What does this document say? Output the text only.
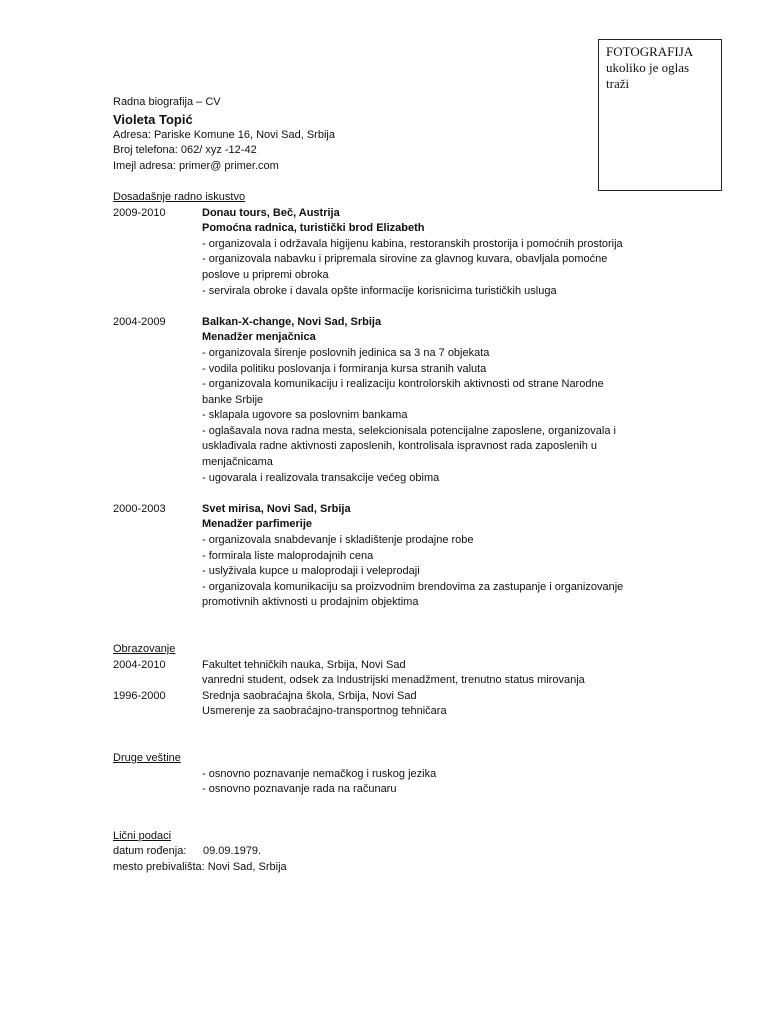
FOTOGRAFIJA
ukoliko je oglas
traži
Radna biografija – CV
Violeta Topić
Adresa: Pariske Komune 16, Novi Sad, Srbija
Broj telefona: 062/ xyz -12-42
Imejl adresa: primer@ primer.com
Dosadašnje radno iskustvo
2009-2010	Donau tours, Beč, Austrija
Pomoćna radnica, turistički brod Elizabeth
- organizovala i održavala higijenu kabina, restoranskih prostorija i pomoćnih prostorija
- organizovala nabavku i pripremala sirovine za glavnog kuvara, obavljala pomoćne
poslove u pripremi obroka
- servirala obroke i davala opšte informacije korisnicima turističkih usluga
2004-2009	Balkan-X-change, Novi Sad, Srbija
Menadžer menjačnica
- organizovala širenje poslovnih jedinica sa 3 na 7 objekata
- vodila politiku poslovanja i formiranja kursa stranih valuta
- organizovala komunikaciju i realizaciju kontrolorskih aktivnosti od strane Narodne
banke Srbije
- sklapala ugovore sa poslovnim bankama
- oglašavala nova radna mesta, selekcionisala potencijalne zaposlene, organizovala i
usklađivala radne aktivnosti zaposlenih, kontrolisala ispravnost rada zaposlenih u
menjačnicama
- ugovarala i realizovala transakcije većeg obima
2000-2003	Svet mirisa, Novi Sad, Srbija
Menadžer parfimerije
- organizovala snabdevanje i skladištenje prodajne robe
- formirala liste maloprodajnih cena
- uslуživala kupce u maloprodaji i veleprodaji
- organizovala komunikaciju sa proizvodnim brendovima za zastupanje i organizovanje
promotivnih aktivnosti u prodajnim objektima
Obrazovanje
2004-2010	Fakultet tehničkih nauka, Srbija, Novi Sad
vanredni student, odsek za Industrijski menadžment, trenutno status mirovanja
1996-2000	Srednja saobraćajna škola, Srbija, Novi Sad
Usmerenje za saobraćajno-transportnog tehničara
Druge veštine
- osnovno poznavanje nemačkog i ruskog jezika
- osnovno poznavanje rada na računaru
Lični podaci
datum rođenja: 09.09.1979.
mesto prebivališta: Novi Sad, Srbija
